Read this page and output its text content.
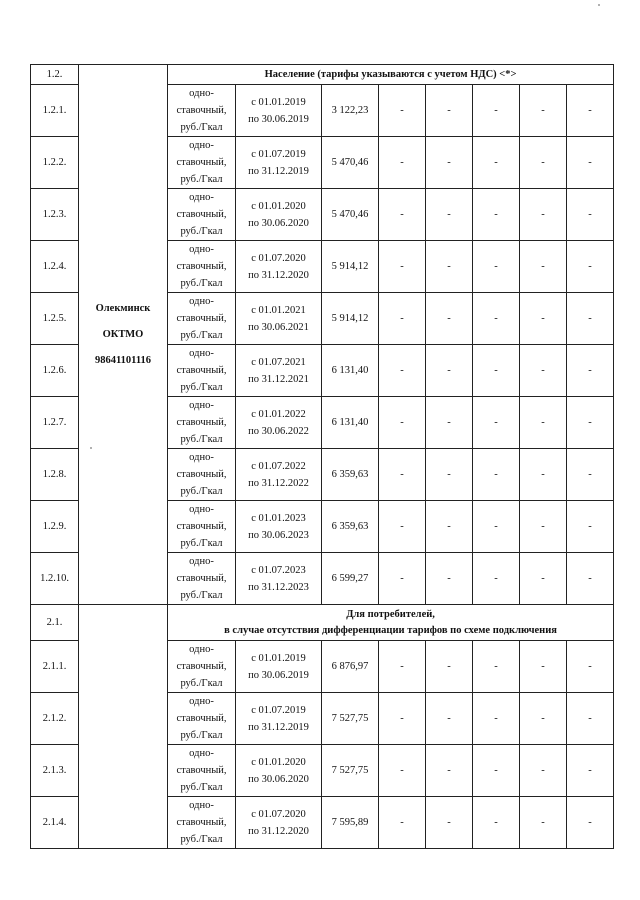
1.2.	Олекминск
ОКТМО
98641101116	Население (тарифы указываются с учетом НДС) <*>							
1.2.1.		одно-
ставочный,
руб./Гкал	с 01.01.2019
по 30.06.2019	3 122,23	-	-	-	-	-
1.2.2.		одно-
ставочный,
руб./Гкал	с 01.07.2019
по 31.12.2019	5 470,46	-	-	-	-	-
1.2.3.		одно-
ставочный,
руб./Гкал	с 01.01.2020
по 30.06.2020	5 470,46	-	-	-	-	-
1.2.4.		одно-
ставочный,
руб./Гкал	с 01.07.2020
по 31.12.2020	5 914,12	-	-	-	-	-
1.2.5.		одно-
ставочный,
руб./Гкал	с 01.01.2021
по 30.06.2021	5 914,12	-	-	-	-	-
1.2.6.		одно-
ставочный,
руб./Гкал	с 01.07.2021
по 31.12.2021	6 131,40	-	-	-	-	-
1.2.7.		одно-
ставочный,
руб./Гкал	с 01.01.2022
по 30.06.2022	6 131,40	-	-	-	-	-
1.2.8.		одно-
ставочный,
руб./Гкал	с 01.07.2022
по 31.12.2022	6 359,63	-	-	-	-	-
1.2.9.		одно-
ставочный,
руб./Гкал	с 01.01.2023
по 30.06.2023	6 359,63	-	-	-	-	-
1.2.10.		одно-
ставочный,
руб./Гкал	с 01.07.2023
по 31.12.2023	6 599,27	-	-	-	-	-
2.1.		Для потребителей,
в случае отсутствия дифференциации тарифов по схеме подключения							

2.1.1.		одно-
ставочный,
руб./Гкал	с 01.01.2019
по 30.06.2019	6 876,97	-	-	-	-	-
2.1.2.		одно-
ставочный,
руб./Гкал	с 01.07.2019
по 31.12.2019	7 527,75	-	-	-	-	-
2.1.3.		одно-
ставочный,
руб./Гкал	с 01.01.2020
по 30.06.2020	7 527,75	-	-	-	-	-
2.1.4.		одно-
ставочный,
руб./Гкал	с 01.07.2020
по 31.12.2020	7 595,89	-	-	-	-	-
